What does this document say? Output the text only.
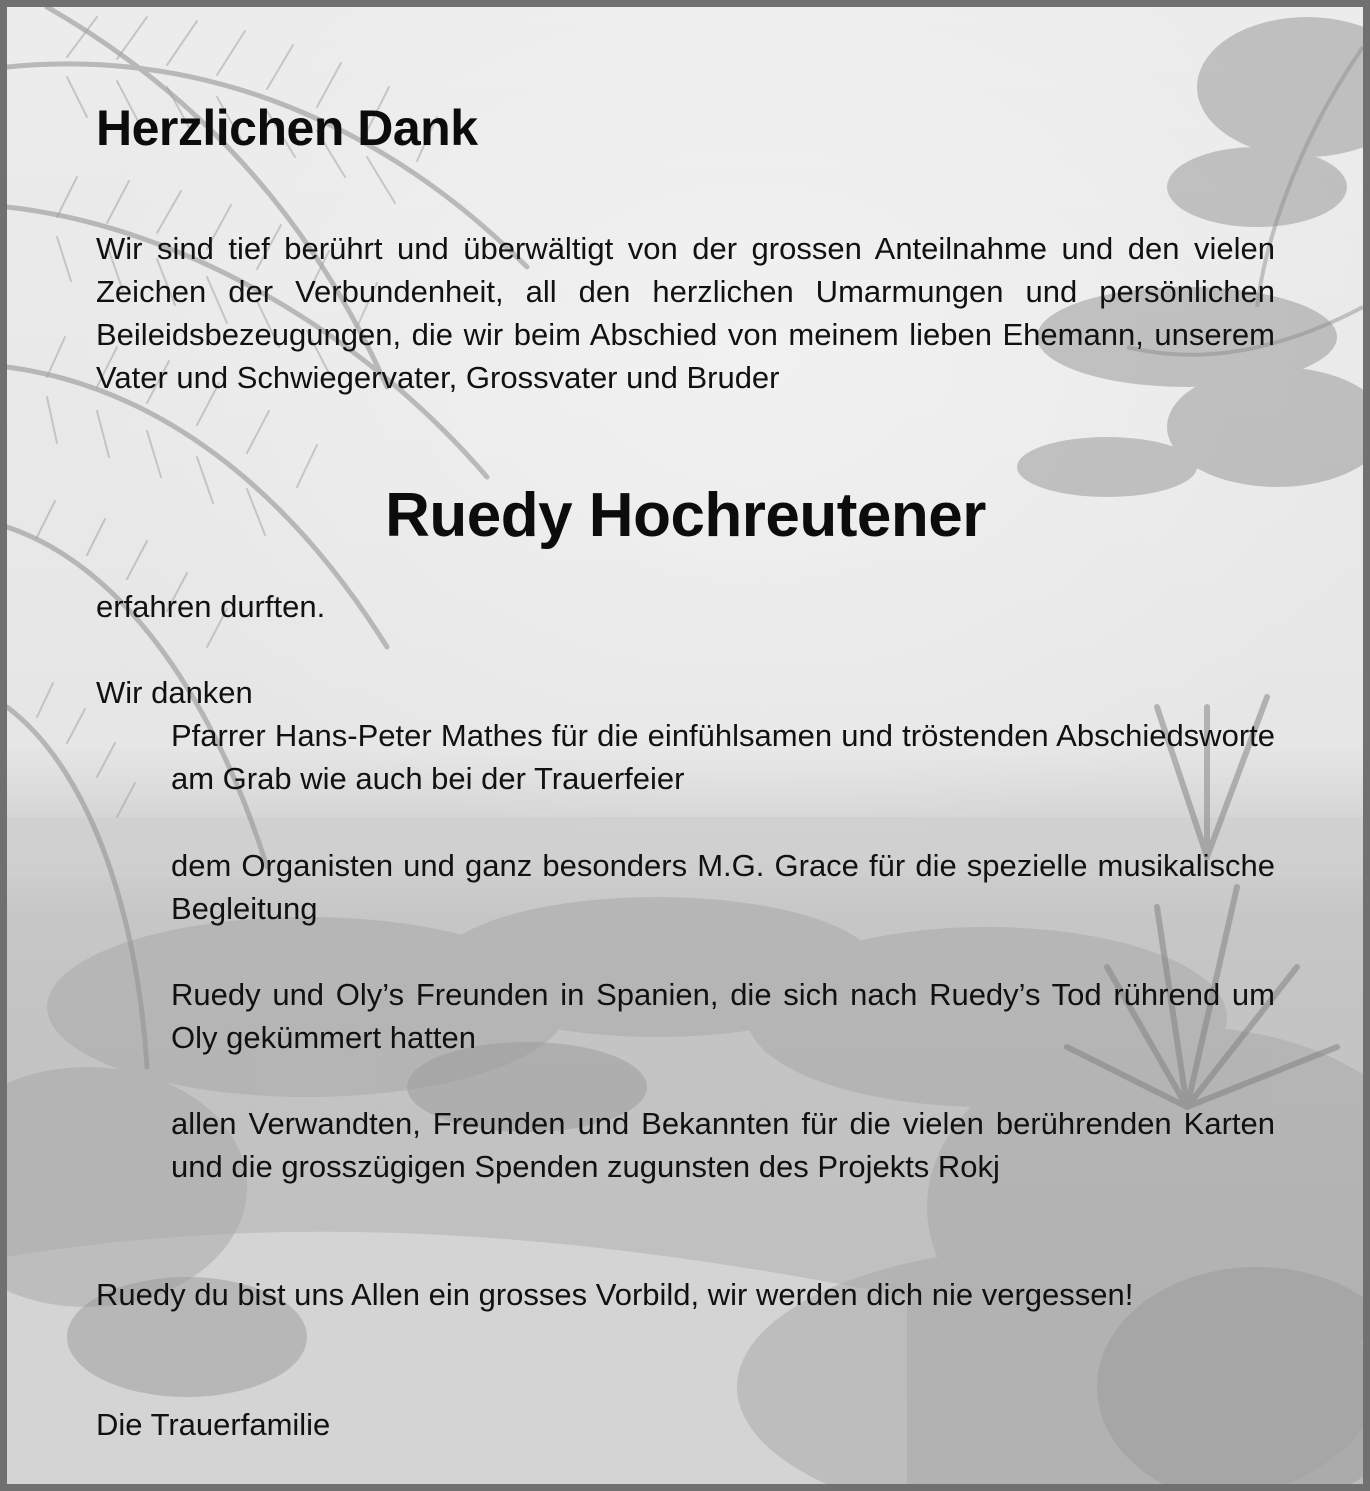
Herzlichen Dank

Wir sind tief berührt und überwältigt von der grossen Anteilnahme und den vielen Zeichen der Verbundenheit, all den herzlichen Umarmungen und persönlichen Beileidsbezeugungen, die wir beim Abschied von meinem lieben Ehemann, unserem Vater und Schwiegervater, Grossvater und Bruder

Ruedy Hochreutener

erfahren durften.

Wir danken

Pfarrer Hans-Peter Mathes für die einfühlsamen und tröstenden Abschiedsworte am Grab wie auch bei der Trauerfeier

dem Organisten und ganz besonders M.G. Grace für die spezielle musikalische Begleitung

Ruedy und Oly’s Freunden in Spanien, die sich nach Ruedy’s Tod rührend um Oly gekümmert hatten

allen Verwandten, Freunden und Bekannten für die vielen berührenden Karten und die grosszügigen Spenden zugunsten des Projekts Rokj

Ruedy du bist uns Allen ein grosses Vorbild, wir werden dich nie vergessen!

Die Trauerfamilie
